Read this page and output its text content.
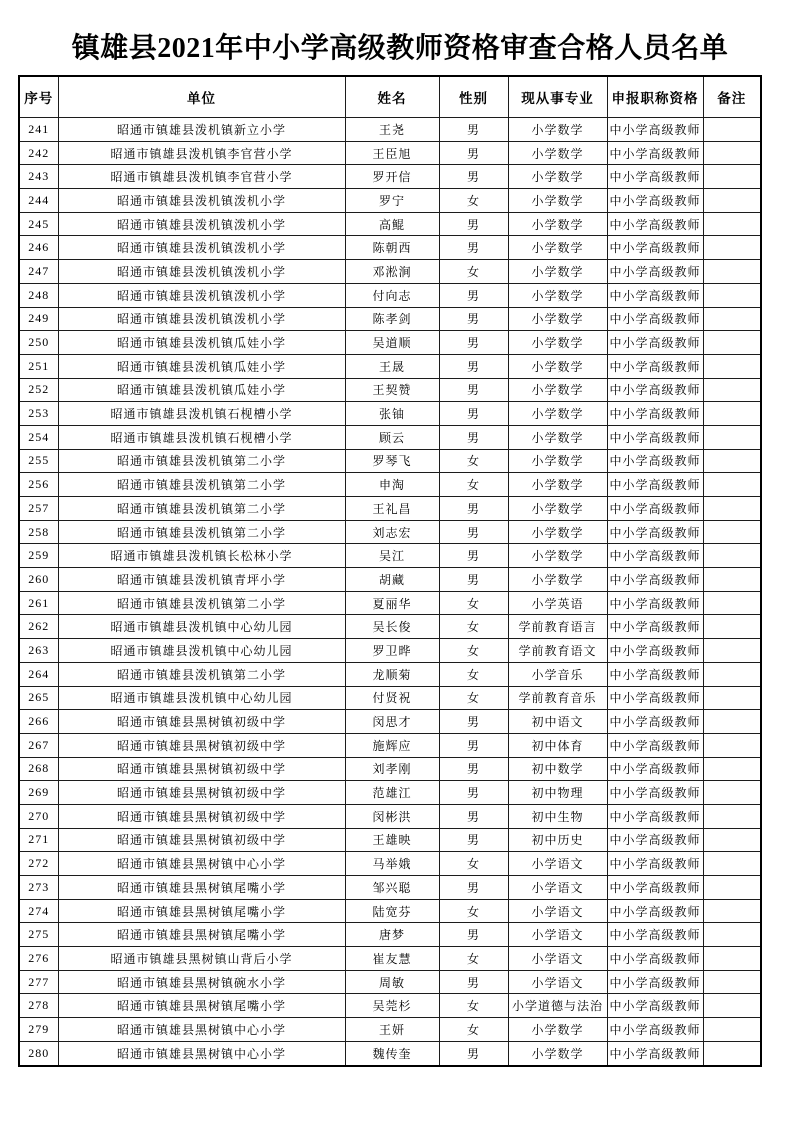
镇雄县2021年中小学高级教师资格审查合格人员名单
序号	单位	姓名	性别	现从事专业	申报职称资格	备注
241	昭通市镇雄县泼机镇新立小学	王尧	男	小学数学	中小学高级教师	
242	昭通市镇雄县泼机镇李官营小学	王臣旭	男	小学数学	中小学高级教师	
243	昭通市镇雄县泼机镇李官营小学	罗开信	男	小学数学	中小学高级教师	
244	昭通市镇雄县泼机镇泼机小学	罗宁	女	小学数学	中小学高级教师	
245	昭通市镇雄县泼机镇泼机小学	高鲲	男	小学数学	中小学高级教师	
246	昭通市镇雄县泼机镇泼机小学	陈朝西	男	小学数学	中小学高级教师	
247	昭通市镇雄县泼机镇泼机小学	邓淞涧	女	小学数学	中小学高级教师	
248	昭通市镇雄县泼机镇泼机小学	付向志	男	小学数学	中小学高级教师	
249	昭通市镇雄县泼机镇泼机小学	陈孝剑	男	小学数学	中小学高级教师	
250	昭通市镇雄县泼机镇瓜娃小学	吴道顺	男	小学数学	中小学高级教师	
251	昭通市镇雄县泼机镇瓜娃小学	王晟	男	小学数学	中小学高级教师	
252	昭通市镇雄县泼机镇瓜娃小学	王契赞	男	小学数学	中小学高级教师	
253	昭通市镇雄县泼机镇石枧槽小学	张铀	男	小学数学	中小学高级教师	
254	昭通市镇雄县泼机镇石枧槽小学	顾云	男	小学数学	中小学高级教师	
255	昭通市镇雄县泼机镇第二小学	罗琴飞	女	小学数学	中小学高级教师	
256	昭通市镇雄县泼机镇第二小学	申淘	女	小学数学	中小学高级教师	
257	昭通市镇雄县泼机镇第二小学	王礼昌	男	小学数学	中小学高级教师	
258	昭通市镇雄县泼机镇第二小学	刘志宏	男	小学数学	中小学高级教师	
259	昭通市镇雄县泼机镇长松林小学	吴江	男	小学数学	中小学高级教师	
260	昭通市镇雄县泼机镇青坪小学	胡藏	男	小学数学	中小学高级教师	
261	昭通市镇雄县泼机镇第二小学	夏丽华	女	小学英语	中小学高级教师	
262	昭通市镇雄县泼机镇中心幼儿园	吴长俊	女	学前教育语言	中小学高级教师	
263	昭通市镇雄县泼机镇中心幼儿园	罗卫晔	女	学前教育语文	中小学高级教师	
264	昭通市镇雄县泼机镇第二小学	龙顺菊	女	小学音乐	中小学高级教师	
265	昭通市镇雄县泼机镇中心幼儿园	付贤祝	女	学前教育音乐	中小学高级教师	
266	昭通市镇雄县黑树镇初级中学	闵思才	男	初中语文	中小学高级教师	
267	昭通市镇雄县黑树镇初级中学	施辉应	男	初中体育	中小学高级教师	
268	昭通市镇雄县黑树镇初级中学	刘孝刚	男	初中数学	中小学高级教师	
269	昭通市镇雄县黑树镇初级中学	范雄江	男	初中物理	中小学高级教师	
270	昭通市镇雄县黑树镇初级中学	闵彬洪	男	初中生物	中小学高级教师	
271	昭通市镇雄县黑树镇初级中学	王雄映	男	初中历史	中小学高级教师	
272	昭通市镇雄县黑树镇中心小学	马举娥	女	小学语文	中小学高级教师	
273	昭通市镇雄县黑树镇尾嘴小学	邹兴聪	男	小学语文	中小学高级教师	
274	昭通市镇雄县黑树镇尾嘴小学	陆宽芬	女	小学语文	中小学高级教师	
275	昭通市镇雄县黑树镇尾嘴小学	唐梦	男	小学语文	中小学高级教师	
276	昭通市镇雄县黑树镇山背后小学	崔友慧	女	小学语文	中小学高级教师	
277	昭通市镇雄县黑树镇碗水小学	周敏	男	小学语文	中小学高级教师	
278	昭通市镇雄县黑树镇尾嘴小学	吴莞杉	女	小学道德与法治	中小学高级教师	
279	昭通市镇雄县黑树镇中心小学	王妍	女	小学数学	中小学高级教师	
280	昭通市镇雄县黑树镇中心小学	魏传奎	男	小学数学	中小学高级教师	
